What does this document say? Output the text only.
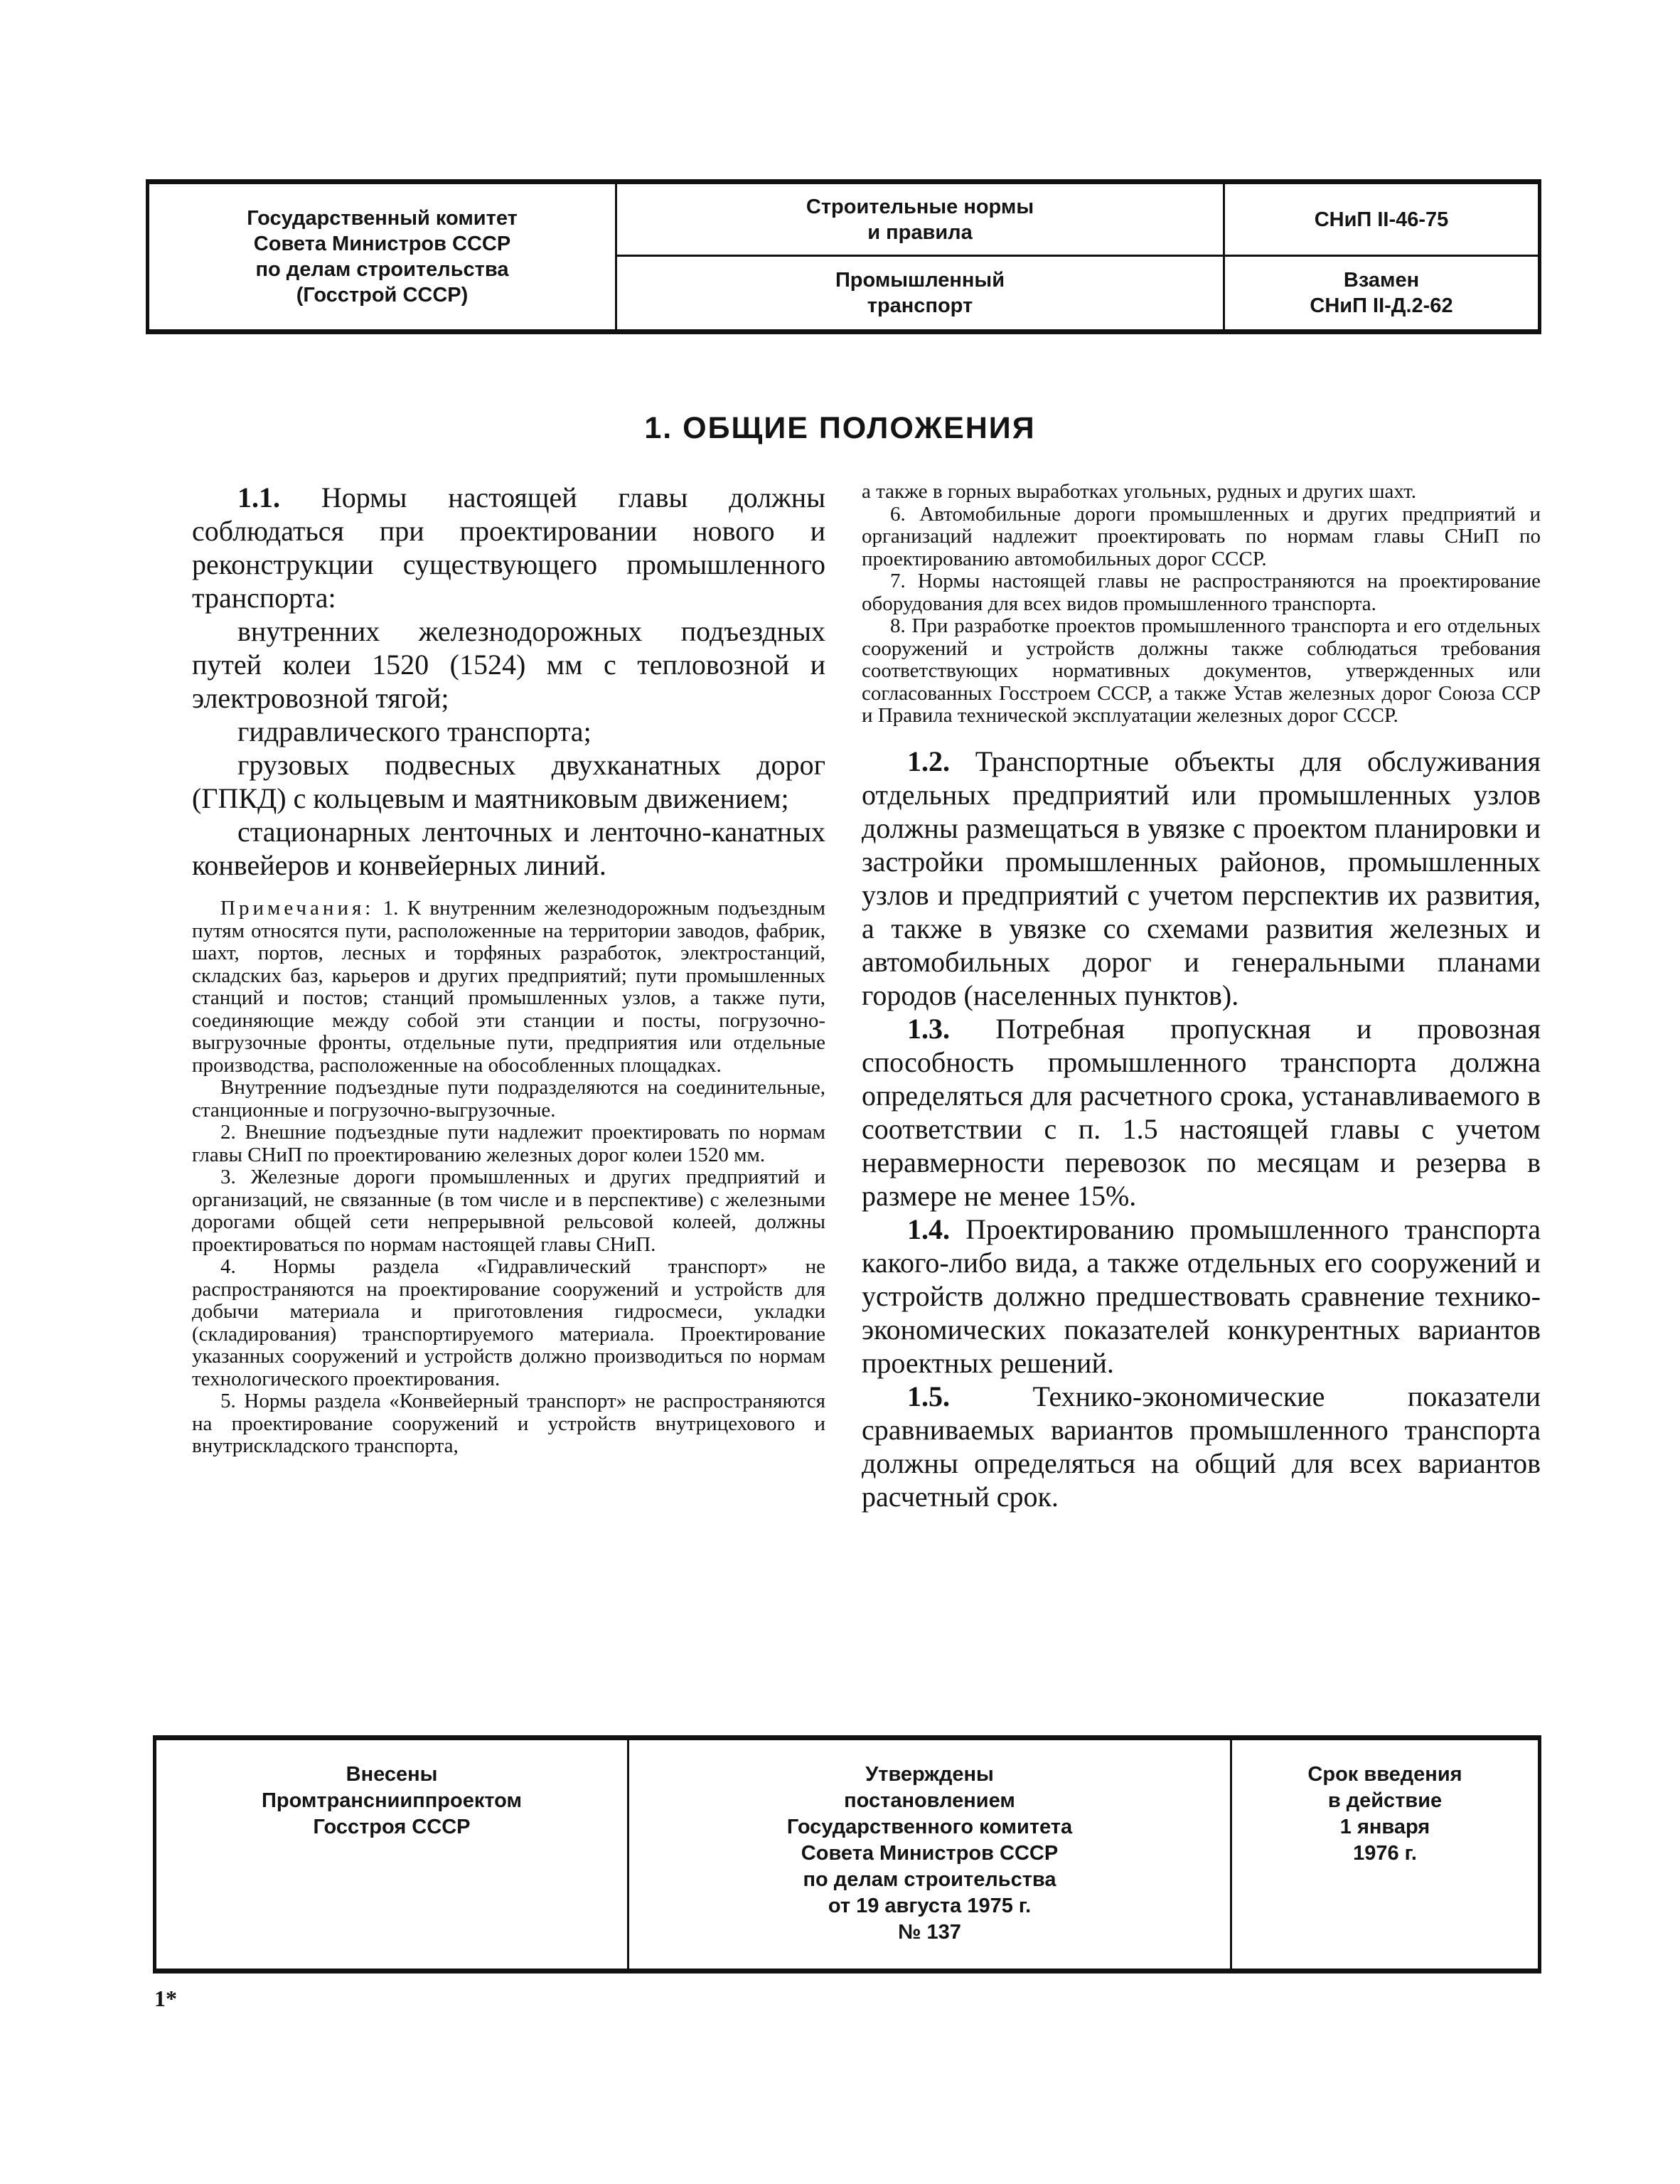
Государственный комитет
Совета Министров СССР
по делам строительства
(Госстрой СССР)
Строительные нормы
и правила
Промышленный
транспорт
СНиП II-46-75
Взамен
СНиП II-Д.2-62
1. ОБЩИЕ ПОЛОЖЕНИЯ

1.1. Нормы настоящей главы должны соблюдаться при проектировании нового и реконструкции существующего промышленного транспорта:

внутренних железнодорожных подъездных путей колеи 1520 (1524) мм с тепловозной и электровозной тягой;

гидравлического транспорта;

грузовых подвесных двухканатных дорог (ГПКД) с кольцевым и маятниковым движением;

стационарных ленточных и ленточно-канатных конвейеров и конвейерных линий.

Примечания: 1. К внутренним железнодорожным подъездным путям относятся пути, расположенные на территории заводов, фабрик, шахт, портов, лесных и торфяных разработок, электростанций, складских баз, карьеров и других предприятий; пути промышленных станций и постов; станций промышленных узлов, а также пути, соединяющие между собой эти станции и посты, погрузочно-выгрузочные фронты, отдельные пути, предприятия или отдельные производства, расположенные на обособленных площадках.

Внутренние подъездные пути подразделяются на соединительные, станционные и погрузочно-выгрузочные.

2. Внешние подъездные пути надлежит проектировать по нормам главы СНиП по проектированию железных дорог колеи 1520 мм.

3. Железные дороги промышленных и других предприятий и организаций, не связанные (в том числе и в перспективе) с железными дорогами общей сети непрерывной рельсовой колеей, должны проектироваться по нормам настоящей главы СНиП.

4. Нормы раздела «Гидравлический транспорт» не распространяются на проектирование сооружений и устройств для добычи материала и приготовления гидросмеси, укладки (складирования) транспортируемого материала. Проектирование указанных сооружений и устройств должно производиться по нормам технологического проектирования.

5. Нормы раздела «Конвейерный транспорт» не распространяются на проектирование сооружений и устройств внутрицехового и внутрискладского транспорта,

а также в горных выработках угольных, рудных и других шахт.

6. Автомобильные дороги промышленных и других предприятий и организаций надлежит проектировать по нормам главы СНиП по проектированию автомобильных дорог СССР.

7. Нормы настоящей главы не распространяются на проектирование оборудования для всех видов промышленного транспорта.

8. При разработке проектов промышленного транспорта и его отдельных сооружений и устройств должны также соблюдаться требования соответствующих нормативных документов, утвержденных или согласованных Госстроем СССР, а также Устав железных дорог Союза ССР и Правила технической эксплуатации железных дорог СССР.

1.2. Транспортные объекты для обслуживания отдельных предприятий или промышленных узлов должны размещаться в увязке с проектом планировки и застройки промышленных районов, промышленных узлов и предприятий с учетом перспектив их развития, а также в увязке со схемами развития железных и автомобильных дорог и генеральными планами городов (населенных пунктов).

1.3. Потребная пропускная и провозная способность промышленного транспорта должна определяться для расчетного срока, устанавливаемого в соответствии с п. 1.5 настоящей главы с учетом неравмерности перевозок по месяцам и резерва в размере не менее 15%.

1.4. Проектированию промышленного транспорта какого-либо вида, а также отдельных его сооружений и устройств должно предшествовать сравнение технико-экономических показателей конкурентных вариантов проектных решений.

1.5. Технико-экономические показатели сравниваемых вариантов промышленного транспорта должны определяться на общий для всех вариантов расчетный срок.

Внесены
Промтранснииппроектом
Госстроя СССР
Утверждены
постановлением
Государственного комитета
Совета Министров СССР
по делам строительства
от 19 августа 1975 г.
№ 137
Срок введения
в действие
1 января
1976 г.
1*
